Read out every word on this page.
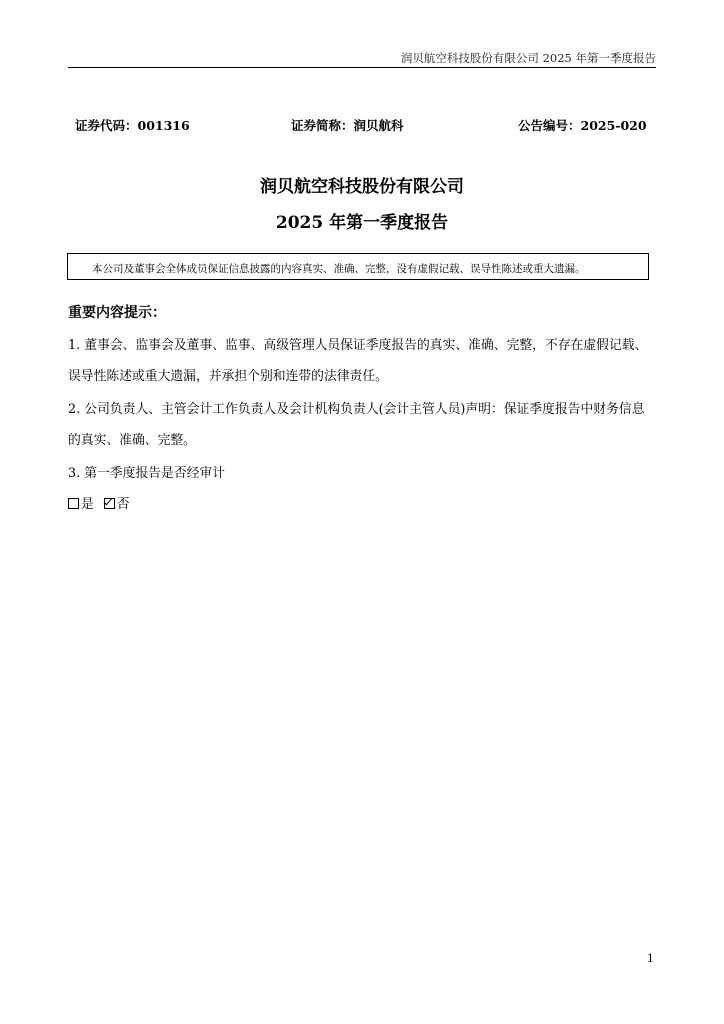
润贝航空科技股份有限公司 2025 年第一季度报告
证券代码：001316	证券简称：润贝航科	公告编号：2025-020
润贝航空科技股份有限公司
2025 年第一季度报告
本公司及董事会全体成员保证信息披露的内容真实、准确、完整，没有虚假记载、误导性陈述或重大遗漏。
重要内容提示：
1. 董事会、监事会及董事、监事、高级管理人员保证季度报告的真实、准确、完整，不存在虚假记载、误导性陈述或重大遗漏，并承担个别和连带的法律责任。
2. 公司负责人、主管会计工作负责人及会计机构负责人(会计主管人员)声明：保证季度报告中财务信息的真实、准确、完整。
3. 第一季度报告是否经审计
是 否
1
